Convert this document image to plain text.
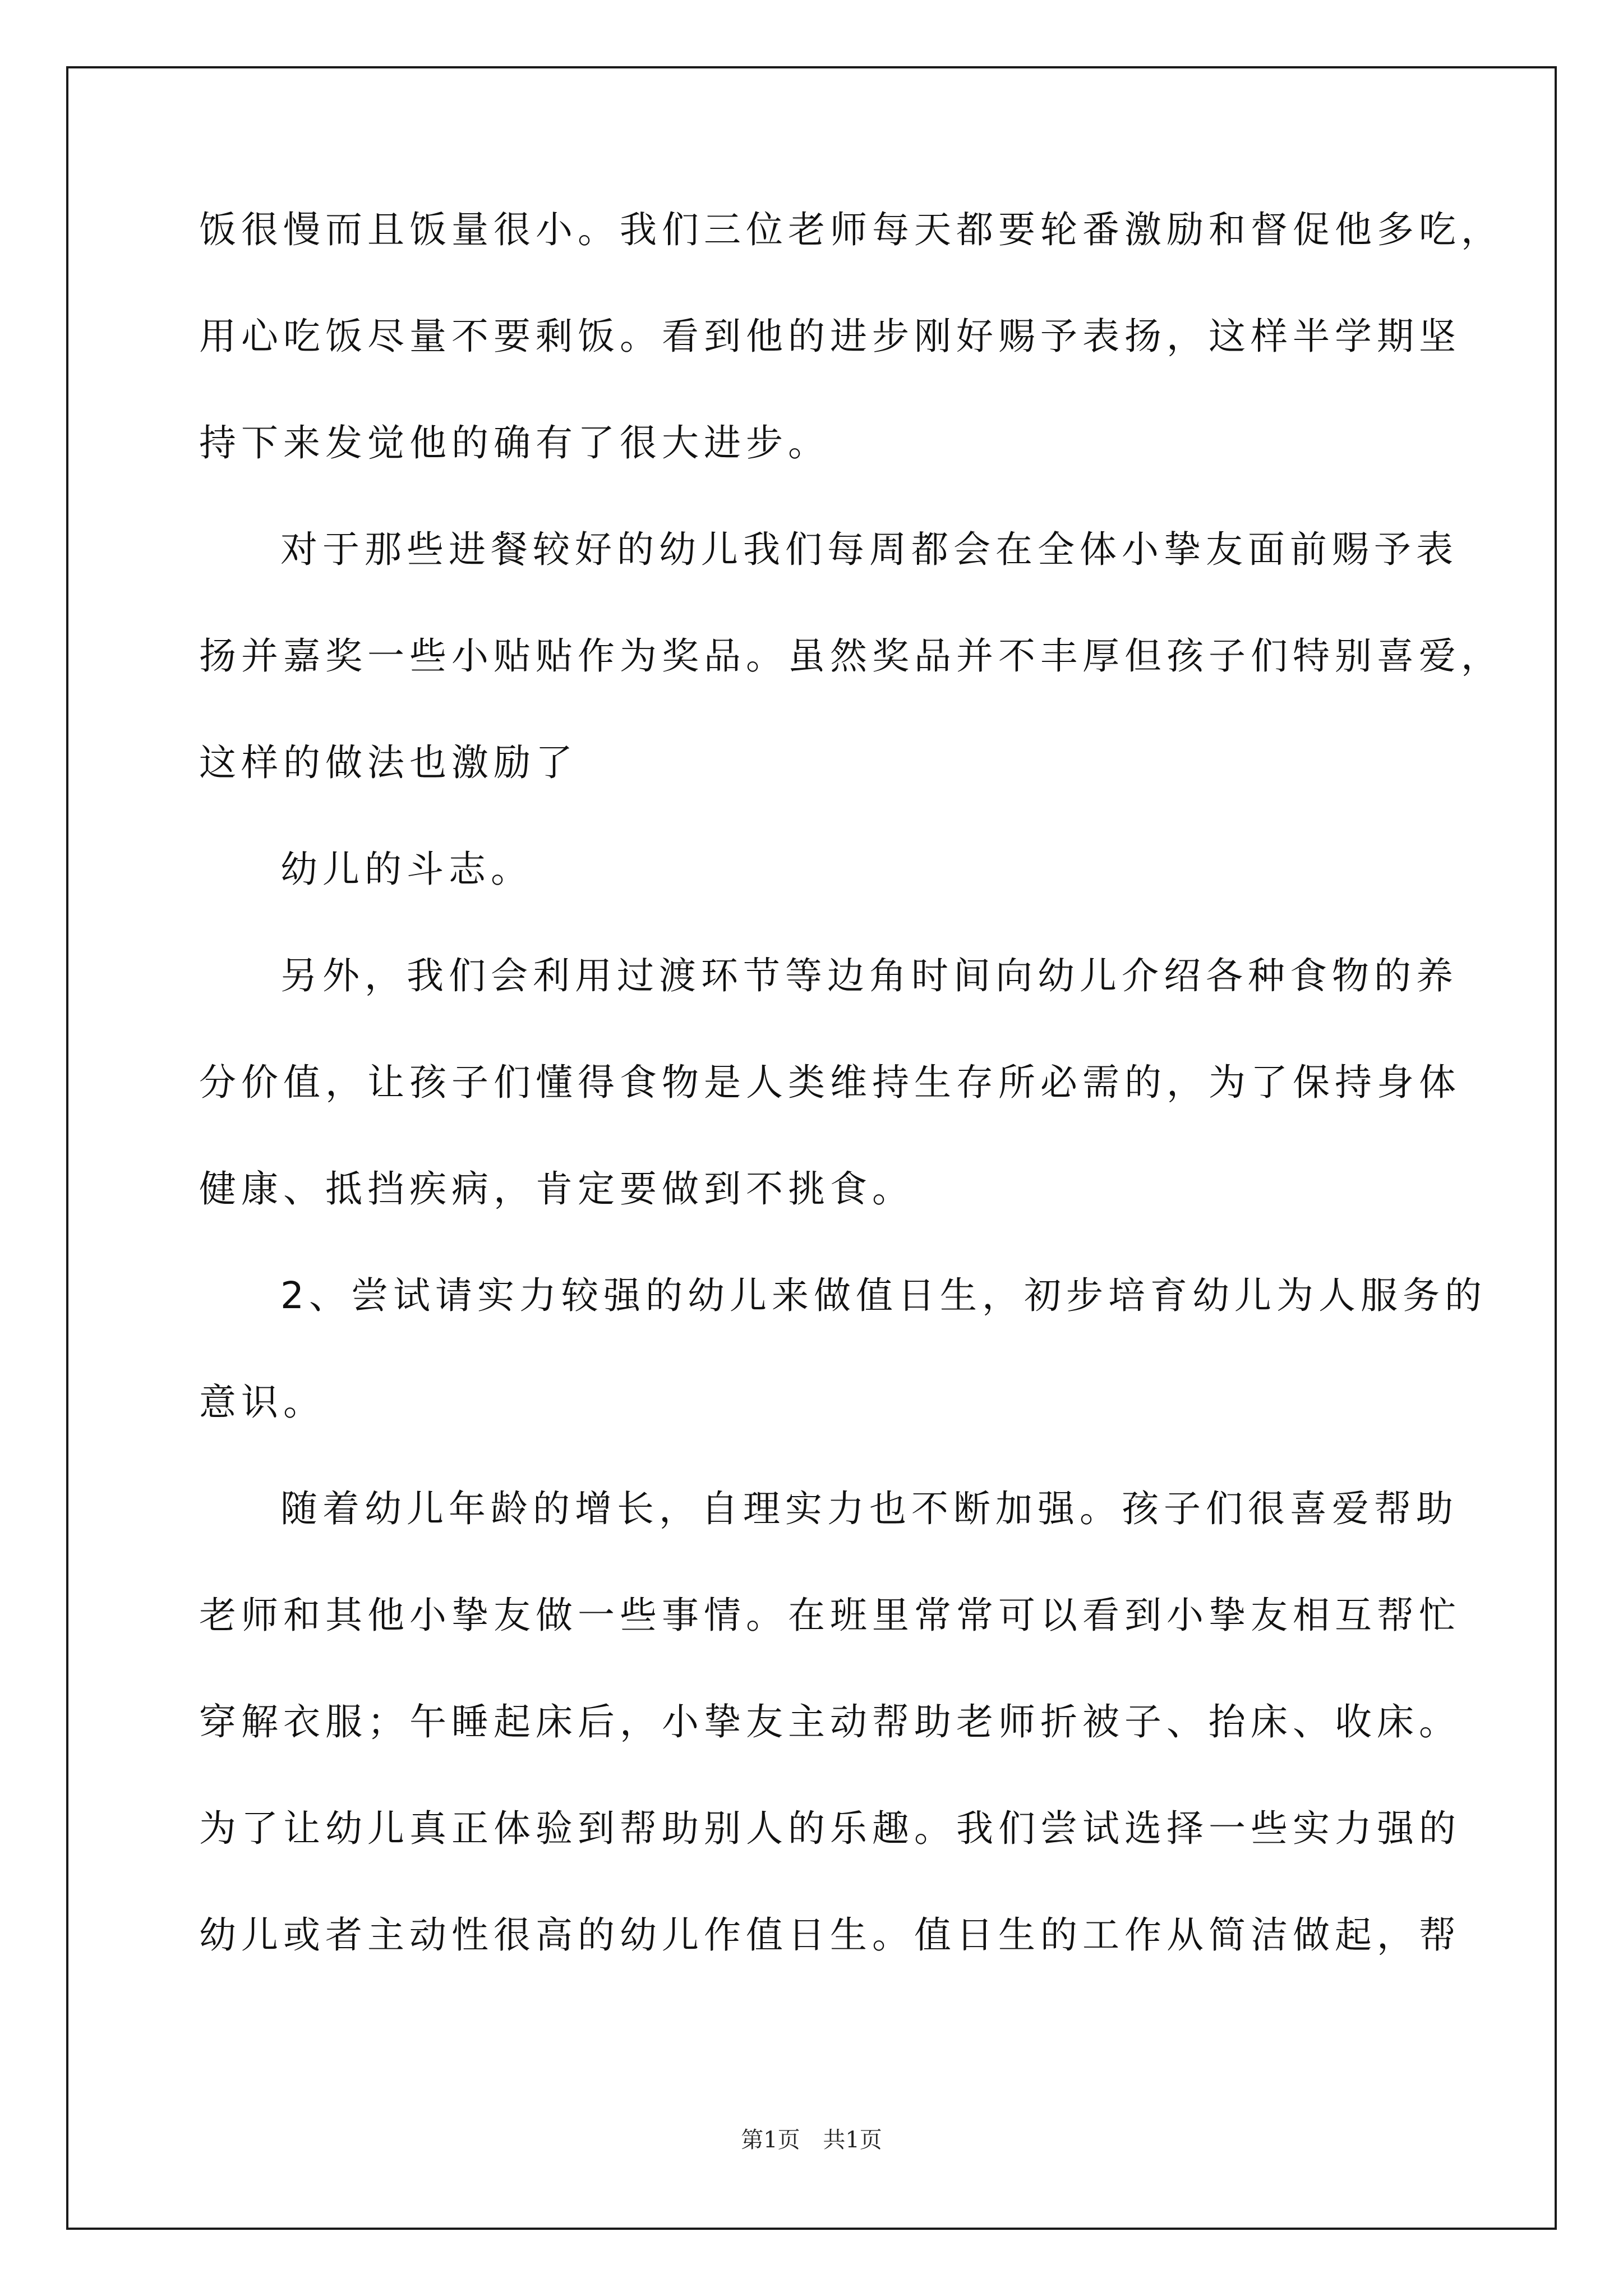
饭很慢而且饭量很小。我们三位老师每天都要轮番激励和督促他多吃，
用心吃饭尽量不要剩饭。看到他的进步刚好赐予表扬，这样半学期坚
持下来发觉他的确有了很大进步。
对于那些进餐较好的幼儿我们每周都会在全体小挚友面前赐予表
扬并嘉奖一些小贴贴作为奖品。虽然奖品并不丰厚但孩子们特别喜爱，
这样的做法也激励了
幼儿的斗志。
另外，我们会利用过渡环节等边角时间向幼儿介绍各种食物的养
分价值，让孩子们懂得食物是人类维持生存所必需的，为了保持身体
健康、抵挡疾病，肯定要做到不挑食。
2、尝试请实力较强的幼儿来做值日生，初步培育幼儿为人服务的
意识。
随着幼儿年龄的增长，自理实力也不断加强。孩子们很喜爱帮助
老师和其他小挚友做一些事情。在班里常常可以看到小挚友相互帮忙
穿解衣服；午睡起床后，小挚友主动帮助老师折被子、抬床、收床。
为了让幼儿真正体验到帮助别人的乐趣。我们尝试选择一些实力强的
幼儿或者主动性很高的幼儿作值日生。值日生的工作从简洁做起，帮
第1页 共1页
